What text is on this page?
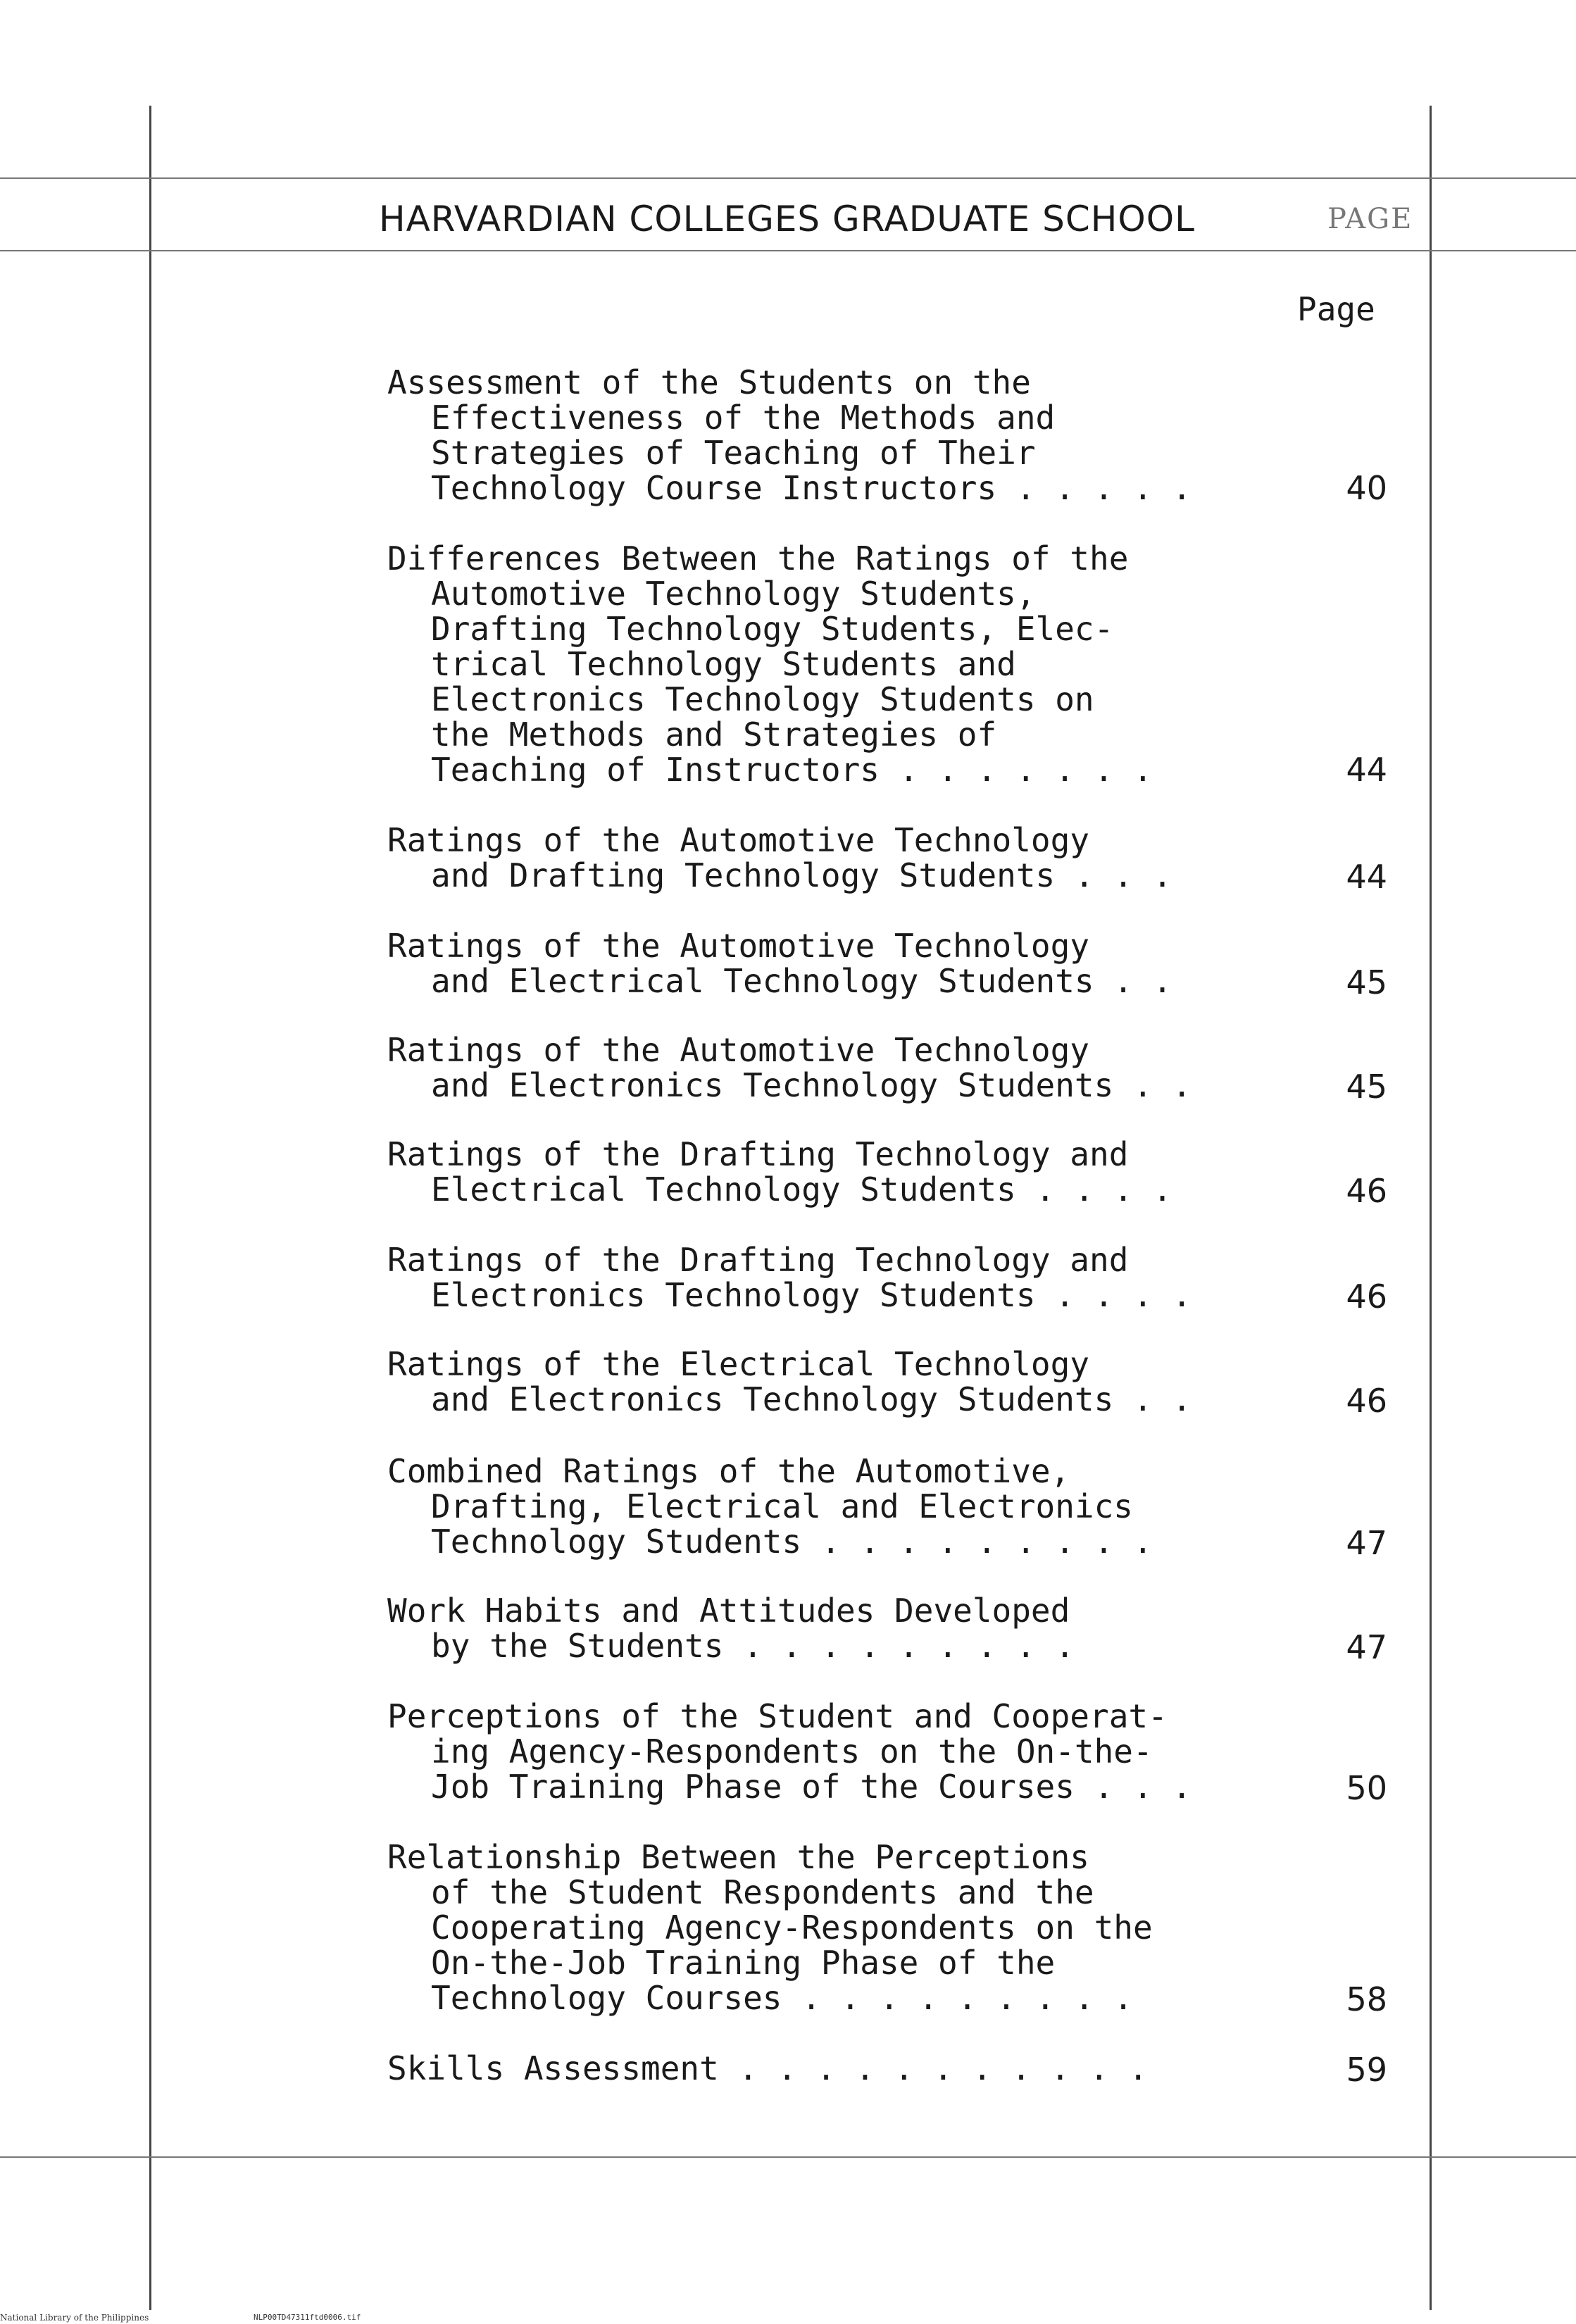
HARVARDIAN COLLEGES GRADUATE SCHOOL	PAGE
Page
Assessment of the Students on the
Effectiveness of the Methods and
Strategies of Teaching of Their
Technology Course Instructors . . . . .	40
Differences Between the Ratings of the
Automotive Technology Students,
Drafting Technology Students, Elec-
trical Technology Students and
Electronics Technology Students on
the Methods and Strategies of
Teaching of Instructors . . . . . . .	44
Ratings of the Automotive Technology
and Drafting Technology Students . . .	44
Ratings of the Automotive Technology
and Electrical Technology Students . .	45
Ratings of the Automotive Technology
and Electronics Technology Students . .	45
Ratings of the Drafting Technology and
Electrical Technology Students . . . .	46
Ratings of the Drafting Technology and
Electronics Technology Students . . . .	46
Ratings of the Electrical Technology
and Electronics Technology Students . .	46
Combined Ratings of the Automotive,
Drafting, Electrical and Electronics
Technology Students . . . . . . . . .	47
Work Habits and Attitudes Developed
by the Students . . . . . . . . .	47
Perceptions of the Student and Cooperat-
ing Agency-Respondents on the On-the-
Job Training Phase of the Courses . . .	50
Relationship Between the Perceptions
of the Student Respondents and the
Cooperating Agency-Respondents on the
On-the-Job Training Phase of the
Technology Courses . . . . . . . . .	58
Skills Assessment . . . . . . . . . . .	59
National Library of the Philippines	NLP00TD47311ftd0006.tif
